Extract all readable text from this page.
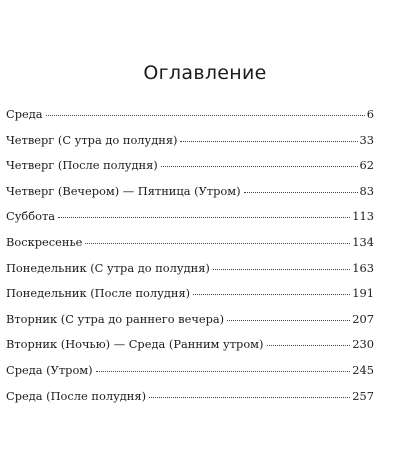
Оглавление
Среда	6
Четверг (С утра до полудня)	33
Четверг (После полудня)	62
Четверг (Вечером) — Пятница (Утром)	83
Суббота	113
Воскресенье	134
Понедельник (С утра до полудня)	163
Понедельник (После полудня)	191
Вторник (С утра до раннего вечера)	207
Вторник (Ночью) — Среда (Ранним утром)	230
Среда (Утром)	245
Среда (После полудня)	257
